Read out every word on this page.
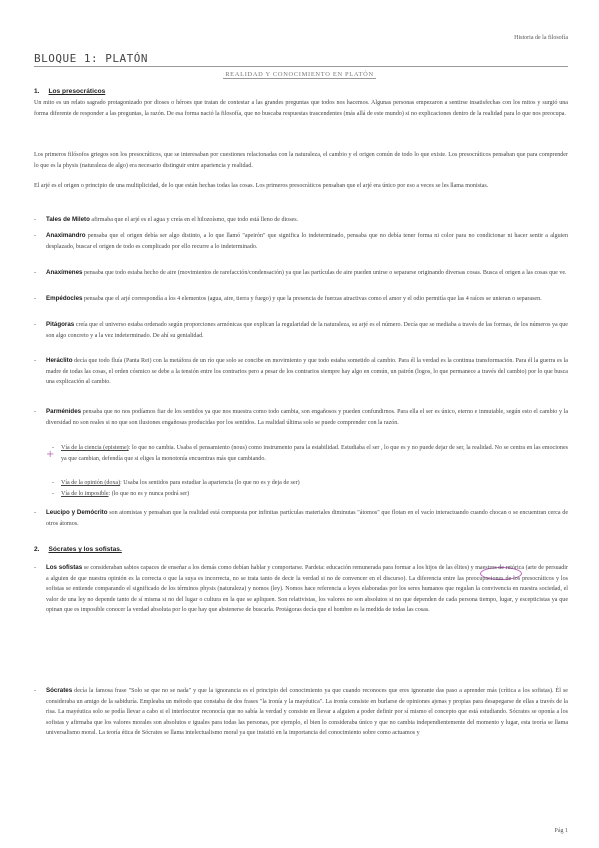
Historia de la filosofía
BLOQUE 1: PLATÓN
REALIDAD Y CONOCIMIENTO EN PLATÓN
1. Los presocráticos
Un mito es un relato sagrado protagonizado por dioses o héroes que tratan de contestar a las grandes preguntas que todos nos hacemos. Algunas personas empezaron a sentirse insatisfechas con los mitos y surgió una forma diferente de responder a las preguntas, la razón. De esa forma nació la filosofía, que no buscaba respuestas trascendentes (más allá de este mundo) si no explicaciones dentro de la realidad para lo que nos preocupa.
Los primeros filósofos griegos son los presocráticos, que se interesaban por cuestiones relacionadas con la naturaleza, el cambio y el origen común de todo lo que existe. Los presocráticos pensaban que para comprender lo que es la physis (naturaleza de algo) era necesario distinguir entre apariencia y realidad.
El arjé es el origen o principio de una multiplicidad, de lo que están hechas todas las cosas. Los primeros presocráticos pensaban que el arjé era único por eso a veces se les llama monistas.
- Tales de Mileto afirmaba que el arjé es el agua y creía en el hilozoísmo, que todo está lleno de dioses.
- Anaximandro pensaba que el origen debía ser algo distinto, a lo que llamó "apeirón" que significa lo indeterminado, pensaba que no debía tener forma ni color para no condicionar ni hacer sentir a alguien desplazado, buscar el origen de todo es complicado por ello recurre a lo indeterminado.
- Anaxímenes pensaba que todo estaba hecho de aire (movimientos de rarefacción/condensación) ya que las partículas de aire pueden unirse o separarse originando diversas cosas. Busca el origen a las cosas que ve.
- Empédocles pensaba que el arjé correspondía a los 4 elementos (agua, aire, tierra y fuego) y que la presencia de fuerzas atractivas como el amor y el odio permitía que las 4 raíces se unieran o separasen.
- Pitágoras creía que el universo estaba ordenado según proporciones armónicas que explican la regularidad de la naturaleza, su arjé es el número. Decía que se mediaba a través de las formas, de los números ya que son algo concreto y a la vez indeterminado. De ahí su genialidad.
- Heráclito decía que todo fluía (Panta Rei) con la metáfora de un río que solo se concibe en movimiento y que todo estaba sometido al cambio. Para él la verdad es la continua transformación. Para él la guerra es la madre de todas las cosas, el orden cósmico se debe a la tensión entre los contrarios pero a pesar de los contrarios siempre hay algo en común, un patrón (logos, lo que permanece a través del cambio) por lo que busca una explicación al cambio.
- Parménides pensaba que no nos podíamos fiar de los sentidos ya que nos muestra como todo cambia, son engañosos y pueden confundirnos. Para ella el ser es único, eterno e inmutable, según esto el cambio y la diversidad no son reales si no que son ilusiones engañosas producidas por los sentidos. La realidad última solo se puede comprender con la razón.
+
- Vía de la ciencia (episteme): lo que no cambia. Usaba el pensamiento (nous) como instrumento para la estabilidad. Estudiaba el ser , lo que es y no puede dejar de ser, la realidad. No se centra en las emociones ya que cambian, defendía que si eliges la monotonía encuentras más que cambiando.
- Vía de la opinión (doxa): Usaba los sentidos para estudiar la apariencia (lo que no es y deja de ser)
- Vía de lo imposible: (lo que no es y nunca podrá ser)
- Leucipo y Demócrito son atomistas y pensaban que la realidad está compuesta por infinitas partículas materiales diminutas "átomos" que flotan en el vacío interactuando cuando chocan o se encuentran cerca de otros átomos.
2. Sócrates y los sofistas.
- Los sofistas se consideraban sabios capaces de enseñar a los demás como debían hablar y comportarse. Pardeia: educación remunerada para formar a los hijos de las élites) y maestros de retórica (arte de persuadir a alguien de que nuestra opinión es la correcta o que la suya es incorrecta, no se trata tanto de decir la verdad si no de convencer en el discurso). La diferencia entre las preocupaciones de los presocráticos y los sofistas se entiende comparando el significado de los términos physis (naturaleza) y nomos (ley). Nomos hace referencia a leyes elaboradas por los seres humanos que regulan la convivencia en nuestra sociedad, el valor de una ley no depende tanto de sí misma si no del lugar o cultura en la que se apliquen. Son relativistas, los valores no son absolutos si no que dependen de cada persona tiempo, lugar, y escepticistas ya que opinan que es imposible conocer la verdad absoluta por lo que hay que abstenerse de buscarla. Protágoras decía que el hombre es la medida de todas las cosas.
- Sócrates decía la famosa frase "Solo se que no se nada" y que la ignorancia es el principio del conocimiento ya que cuando reconoces que eres ignorante das paso a aprender más (crítica a los sofistas). Él se consideraba un amigo de la sabiduría. Empleaba un método que constaba de dos frases "la ironía y la mayéutica". La ironía consiste en burlarse de opiniones ajenas y propias para desapegarse de ellas a través de la risa. La mayéutica solo se podía llevar a cabo si el interlocutor reconocía que no sabía la verdad y consiste en llevar a alguien a poder definir por sí mismo el concepto que está estudiando. Sócrates se oponía a los sofistas y afirmaba que los valores morales son absolutos e iguales para todas las personas, por ejemplo, el bien lo consideraba único y que no cambia independientemente del momento y lugar, esta teoría se llama universalismo moral. La teoría ética de Sócrates se llama intelectualismo moral ya que insistió en la importancia del conocimiento sobre como actuamos y
Pág 1
